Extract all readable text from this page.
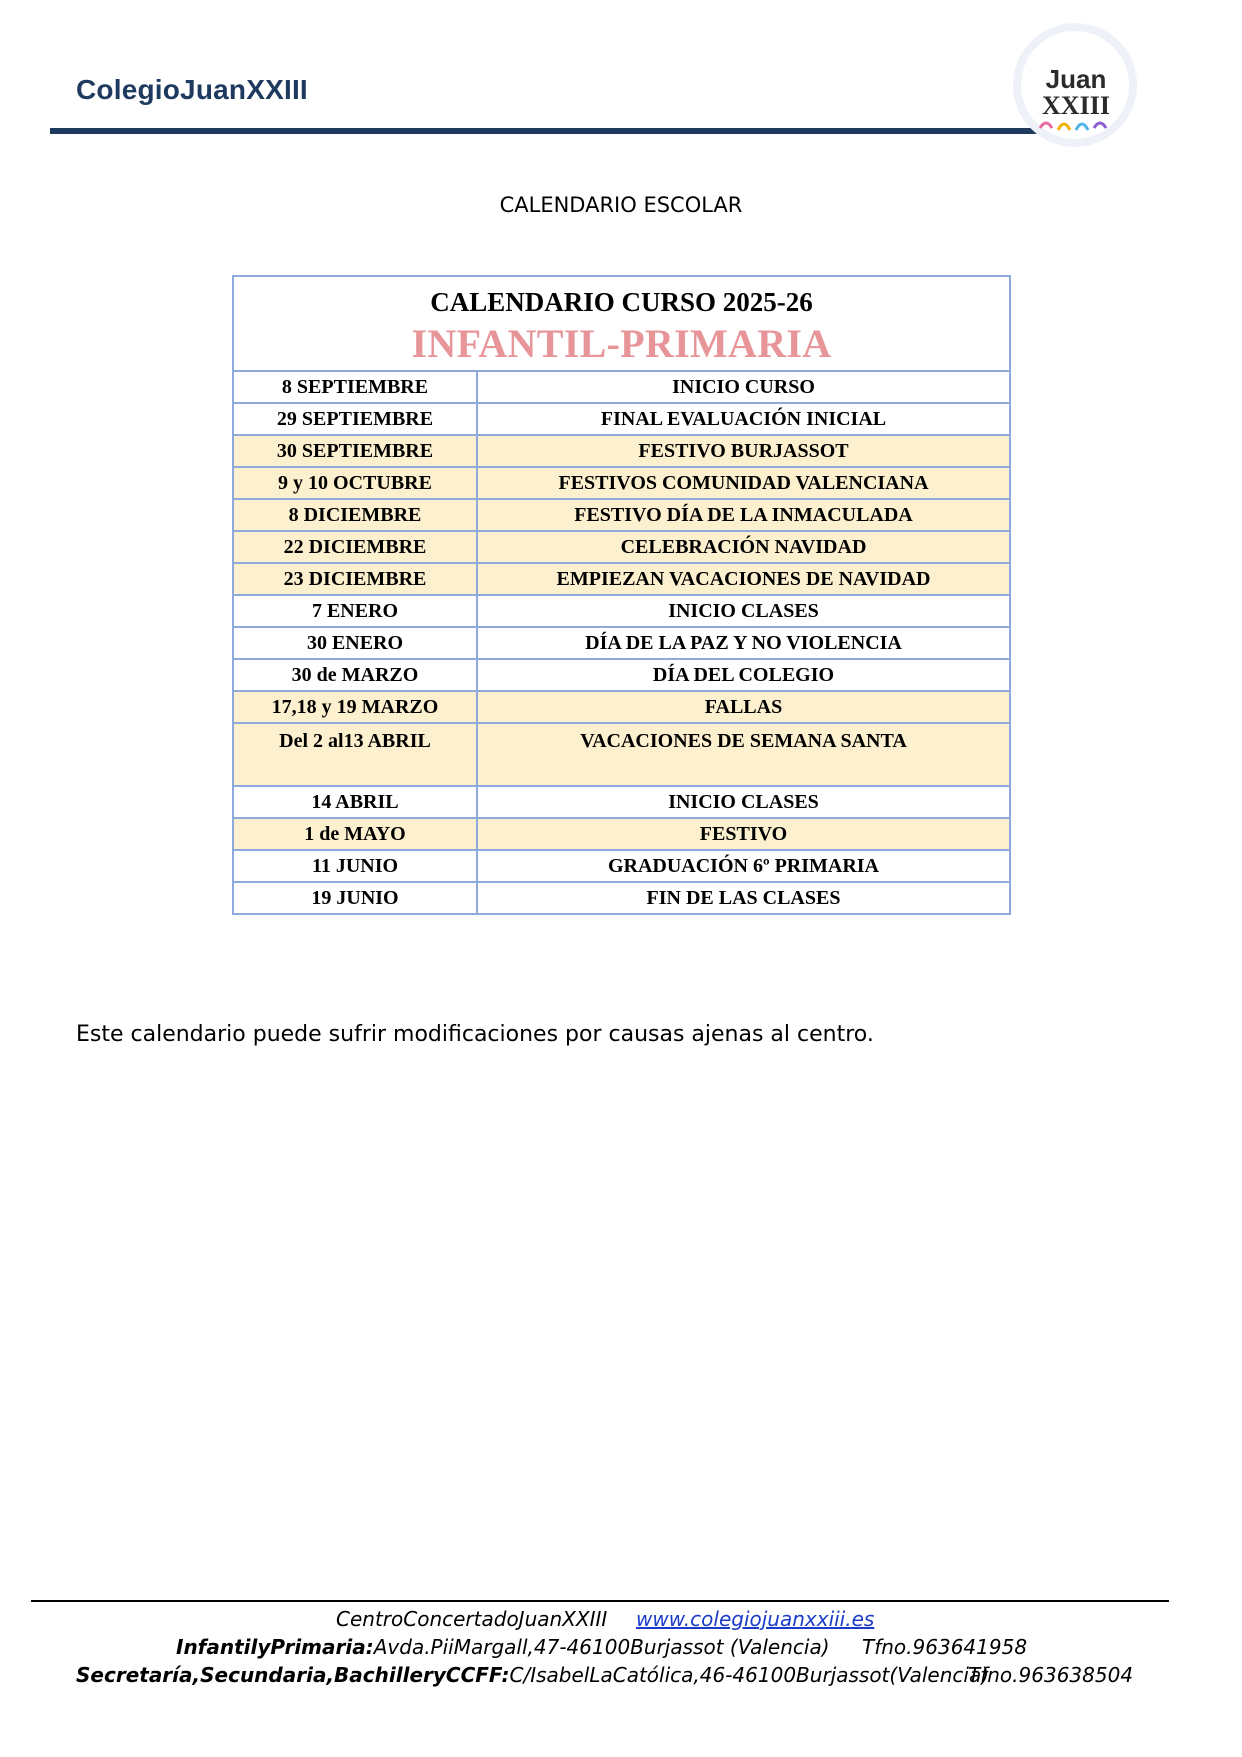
ColegioJuanXXIII	Juan
XXIII
CALENDARIO ESCOLAR
CALENDARIO CURSO 2025-26
INFANTIL-PRIMARIA	

8 SEPTIEMBRE	INICIO CURSO
29 SEPTIEMBRE	FINAL EVALUACIÓN INICIAL
30 SEPTIEMBRE	FESTIVO BURJASSOT
9 y 10 OCTUBRE	FESTIVOS COMUNIDAD VALENCIANA
8 DICIEMBRE	FESTIVO DÍA DE LA INMACULADA
22 DICIEMBRE	CELEBRACIÓN NAVIDAD
23 DICIEMBRE	EMPIEZAN VACACIONES DE NAVIDAD
7 ENERO	INICIO CLASES
30 ENERO	DÍA DE LA PAZ Y NO VIOLENCIA
30 de MARZO	DÍA DEL COLEGIO
17,18 y 19 MARZO	FALLAS
Del 2 al13 ABRIL	VACACIONES DE SEMANA SANTA
14 ABRIL	INICIO CLASES
1 de MAYO	FESTIVO
11 JUNIO	GRADUACIÓN 6º PRIMARIA
19 JUNIO	FIN DE LAS CLASES
Este calendario puede sufrir modificaciones por causas ajenas al centro.
CentroConcertadoJuanXXIII www.colegiojuanxxiii.es
InfantilyPrimaria:Avda.PiiMargall,47-46100Burjassot (Valencia) Tfno.963641958
Secretaría,Secundaria,BachilleryCCFF:C/IsabelLaCatólica,46-46100Burjassot(Valencia)
Tfno.963638504
